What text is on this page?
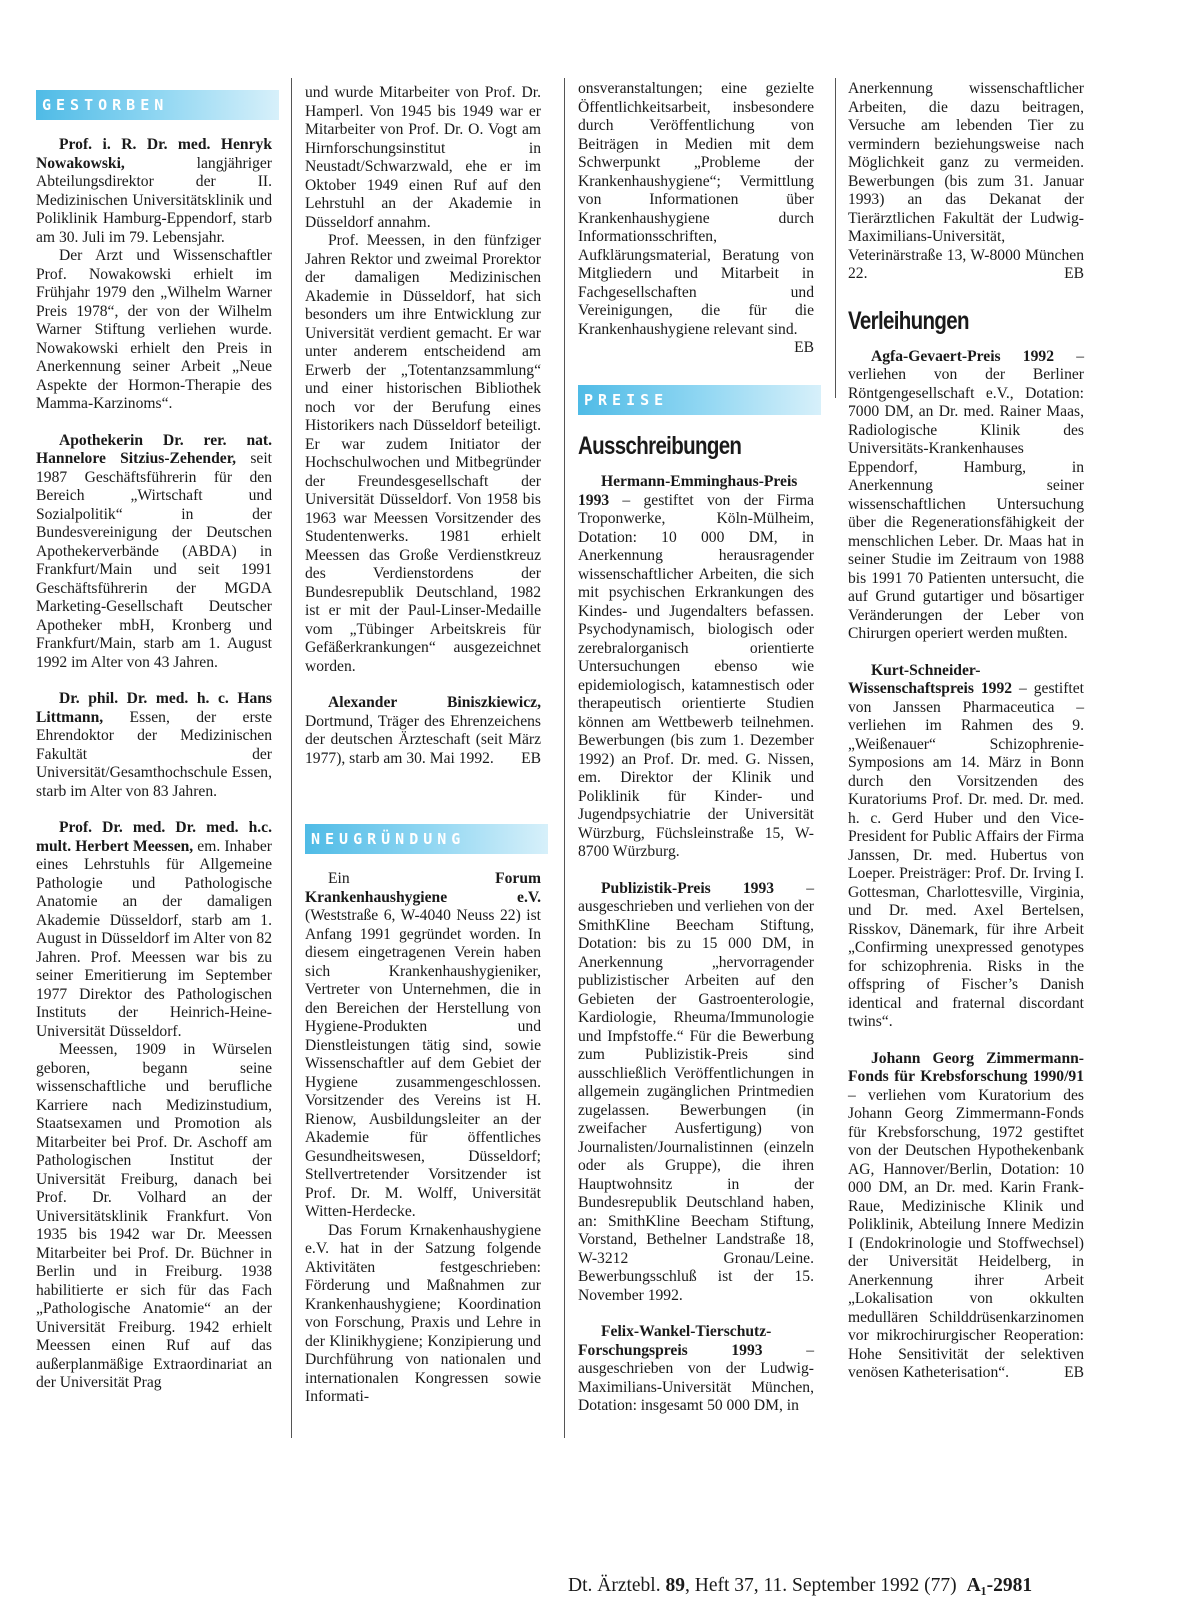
GESTORBEN

Prof. i. R. Dr. med. Henryk Nowakowski, langjähriger Abteilungsdirektor der II. Medizinischen Universitätsklinik und Poliklinik Hamburg-Eppendorf, starb am 30. Juli im 79. Lebensjahr.

Der Arzt und Wissenschaftler Prof. Nowakowski erhielt im Frühjahr 1979 den „Wilhelm Warner Preis 1978“, der von der Wilhelm Warner Stiftung verliehen wurde. Nowakowski erhielt den Preis in Anerkennung seiner Arbeit „Neue Aspekte der Hormon-Therapie des Mamma-Karzinoms“.

Apothekerin Dr. rer. nat. Hannelore Sitzius-Zehender, seit 1987 Geschäftsführerin für den Bereich „Wirtschaft und Sozialpolitik“ in der Bundesvereinigung der Deutschen Apothekerverbände (ABDA) in Frankfurt/Main und seit 1991 Geschäftsführerin der MGDA Marketing-Gesellschaft Deutscher Apotheker mbH, Kronberg und Frankfurt/Main, starb am 1. August 1992 im Alter von 43 Jahren.

Dr. phil. Dr. med. h. c. Hans Littmann, Essen, der erste Ehrendoktor der Medizinischen Fakultät der Universität/Gesamthochschule Essen, starb im Alter von 83 Jahren.

Prof. Dr. med. Dr. med. h.c. mult. Herbert Meessen, em. Inhaber eines Lehrstuhls für Allgemeine Pathologie und Pathologische Anatomie an der damaligen Akademie Düsseldorf, starb am 1. August in Düsseldorf im Alter von 82 Jahren. Prof. Meessen war bis zu seiner Emeritierung im September 1977 Direktor des Pathologischen Instituts der Heinrich-Heine-Universität Düsseldorf.

Meessen, 1909 in Würselen geboren, begann seine wissenschaftliche und berufliche Karriere nach Medizinstudium, Staatsexamen und Promotion als Mitarbeiter bei Prof. Dr. Aschoff am Pathologischen Institut der Universität Freiburg, danach bei Prof. Dr. Volhard an der Universitätsklinik Frankfurt. Von 1935 bis 1942 war Dr. Meessen Mitarbeiter bei Prof. Dr. Büchner in Berlin und in Freiburg. 1938 habilitierte er sich für das Fach „Pathologische Anatomie“ an der Universität Freiburg. 1942 erhielt Meessen einen Ruf auf das außerplanmäßige Extraordinariat an der Universität Prag

und wurde Mitarbeiter von Prof. Dr. Hamperl. Von 1945 bis 1949 war er Mitarbeiter von Prof. Dr. O. Vogt am Hirnforschungsinstitut in Neustadt/Schwarzwald, ehe er im Oktober 1949 einen Ruf auf den Lehrstuhl an der Akademie in Düsseldorf annahm.

Prof. Meessen, in den fünfziger Jahren Rektor und zweimal Prorektor der damaligen Medizinischen Akademie in Düsseldorf, hat sich besonders um ihre Entwicklung zur Universität verdient gemacht. Er war unter anderem entscheidend am Erwerb der „Totentanzsammlung“ und einer historischen Bibliothek noch vor der Berufung eines Historikers nach Düsseldorf beteiligt. Er war zudem Initiator der Hochschulwochen und Mitbegründer der Freundesgesellschaft der Universität Düsseldorf. Von 1958 bis 1963 war Meessen Vorsitzender des Studentenwerks. 1981 erhielt Meessen das Große Verdienstkreuz des Verdienstordens der Bundesrepublik Deutschland, 1982 ist er mit der Paul-Linser-Medaille vom „Tübinger Arbeitskreis für Gefäßerkrankungen“ ausgezeichnet worden.

Alexander Biniszkiewicz, Dortmund, Träger des Ehrenzeichens der deutschen Ärzteschaft (seit März 1977), starb am 30. Mai 1992.	EB

NEUGRÜNDUNG

Ein Forum Krankenhaushygiene e.V. (Weststraße 6, W-4040 Neuss 22) ist Anfang 1991 gegründet worden. In diesem eingetragenen Verein haben sich Krankenhaushygieniker, Vertreter von Unternehmen, die in den Bereichen der Herstellung von Hygiene-Produkten und Dienstleistungen tätig sind, sowie Wissenschaftler auf dem Gebiet der Hygiene zusammengeschlossen. Vorsitzender des Vereins ist H. Rienow, Ausbildungsleiter an der Akademie für öffentliches Gesundheitswesen, Düsseldorf; Stellvertretender Vorsitzender ist Prof. Dr. M. Wolff, Universität Witten-Herdecke.

Das Forum Krnakenhaushygiene e.V. hat in der Satzung folgende Aktivitäten festgeschrieben: Förderung und Maßnahmen zur Krankenhaushygiene; Koordination von Forschung, Praxis und Lehre in der Klinikhygiene; Konzipierung und Durchführung von nationalen und internationalen Kongressen sowie Informati-

onsveranstaltungen; eine gezielte Öffentlichkeitsarbeit, insbesondere durch Veröffentlichung von Beiträgen in Medien mit dem Schwerpunkt „Probleme der Krankenhaushygiene“; Vermittlung von Informationen über Krankenhaushygiene durch Informationsschriften, Aufklärungsmaterial, Beratung von Mitgliedern und Mitarbeit in Fachgesellschaften und Vereinigungen, die für die Krankenhaushygiene relevant sind.
EB

PREISE
Ausschreibungen

Hermann-Emminghaus-Preis 1993 – gestiftet von der Firma Troponwerke, Köln-Mülheim, Dotation: 10 000 DM, in Anerkennung herausragender wissenschaftlicher Arbeiten, die sich mit psychischen Erkrankungen des Kindes- und Jugendalters befassen. Psychodynamisch, biologisch oder zerebralorganisch orientierte Untersuchungen ebenso wie epidemiologisch, katamnestisch oder therapeutisch orientierte Studien können am Wettbewerb teilnehmen. Bewerbungen (bis zum 1. Dezember 1992) an Prof. Dr. med. G. Nissen, em. Direktor der Klinik und Poliklinik für Kinder- und Jugendpsychiatrie der Universität Würzburg, Füchsleinstraße 15, W-8700 Würzburg.

Publizistik-Preis 1993 – ausgeschrieben und verliehen von der SmithKline Beecham Stiftung, Dotation: bis zu 15 000 DM, in Anerkennung „hervorragender publizistischer Arbeiten auf den Gebieten der Gastroenterologie, Kardiologie, Rheuma/Immunologie und Impfstoffe.“ Für die Bewerbung zum Publizistik-Preis sind ausschließlich Veröffentlichungen in allgemein zugänglichen Printmedien zugelassen. Bewerbungen (in zweifacher Ausfertigung) von Journalisten/Journalistinnen (einzeln oder als Gruppe), die ihren Hauptwohnsitz in der Bundesrepublik Deutschland haben, an: SmithKline Beecham Stiftung, Vorstand, Bethelner Landstraße 18, W-3212 Gronau/Leine. Bewerbungsschluß ist der 15. November 1992.

Felix-Wankel-Tierschutz-Forschungspreis 1993 – ausgeschrieben von der Ludwig-Maximilians-Universität München, Dotation: insgesamt 50 000 DM, in

Anerkennung wissenschaftlicher Arbeiten, die dazu beitragen, Versuche am lebenden Tier zu vermindern beziehungsweise nach Möglichkeit ganz zu vermeiden. Bewerbungen (bis zum 31. Januar 1993) an das Dekanat der Tierärztlichen Fakultät der Ludwig-Maximilians-Universität, Veterinärstraße 13, W-8000 München 22.	EB

Verleihungen

Agfa-Gevaert-Preis 1992 – verliehen von der Berliner Röntgengesellschaft e.V., Dotation: 7000 DM, an Dr. med. Rainer Maas, Radiologische Klinik des Universitäts-Krankenhauses Eppendorf, Hamburg, in Anerkennung seiner wissenschaftlichen Untersuchung über die Regenerationsfähigkeit der menschlichen Leber. Dr. Maas hat in seiner Studie im Zeitraum von 1988 bis 1991 70 Patienten untersucht, die auf Grund gutartiger und bösartiger Veränderungen der Leber von Chirurgen operiert werden mußten.

Kurt-Schneider-Wissenschaftspreis 1992 – gestiftet von Janssen Pharmaceutica – verliehen im Rahmen des 9. „Weißenauer“ Schizophrenie-Symposions am 14. März in Bonn durch den Vorsitzenden des Kuratoriums Prof. Dr. med. Dr. med. h. c. Gerd Huber und den Vice-President for Public Affairs der Firma Janssen, Dr. med. Hubertus von Loeper. Preisträger: Prof. Dr. Irving I. Gottesman, Charlottesville, Virginia, und Dr. med. Axel Bertelsen, Risskov, Dänemark, für ihre Arbeit „Confirming unexpressed genotypes for schizophrenia. Risks in the offspring of Fischer’s Danish identical and fraternal discordant twins“.

Johann Georg Zimmermann-Fonds für Krebsforschung 1990/91 – verliehen vom Kuratorium des Johann Georg Zimmermann-Fonds für Krebsforschung, 1972 gestiftet von der Deutschen Hypothekenbank AG, Hannover/Berlin, Dotation: 10 000 DM, an Dr. med. Karin Frank-Raue, Medizinische Klinik und Poliklinik, Abteilung Innere Medizin I (Endokrinologie und Stoffwechsel) der Universität Heidelberg, in Anerkennung ihrer Arbeit „Lokalisation von okkulten medullären Schilddrüsenkarzinomen vor mikrochirurgischer Reoperation: Hohe Sensitivität der selektiven venösen Katheterisation“.	EB

Dt. Ärztebl. 89, Heft 37, 11. September 1992 (77) A₁-2981
